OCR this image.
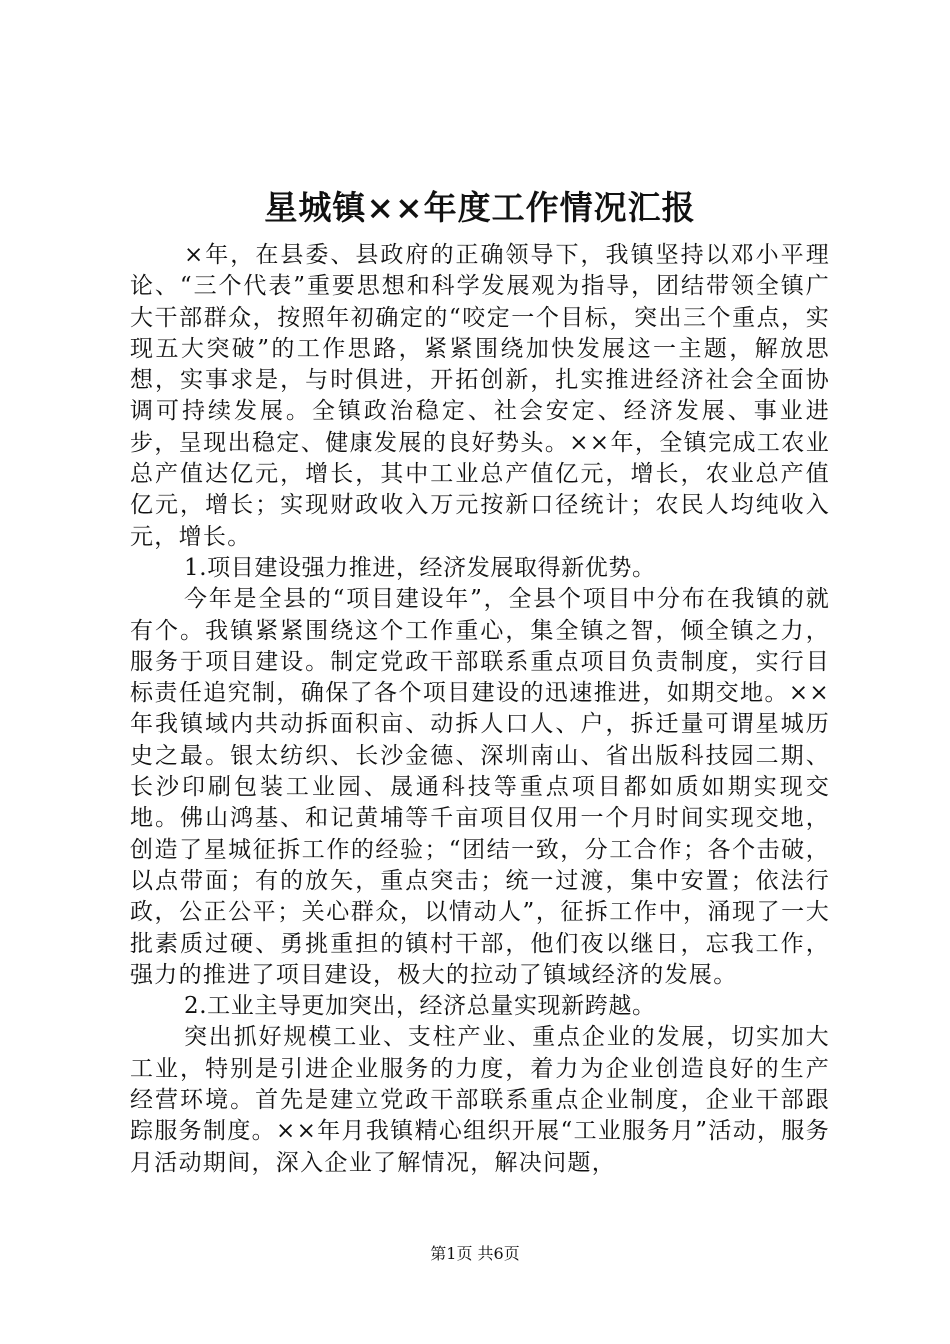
星城镇××年度工作情况汇报

×年，在县委、县政府的正确领导下，我镇坚持以邓小平理论、“三个代表”重要思想和科学发展观为指导，团结带领全镇广大干部群众，按照年初确定的“咬定一个目标，突出三个重点，实现五大突破”的工作思路，紧紧围绕加快发展这一主题，解放思想，实事求是，与时俱进，开拓创新，扎实推进经济社会全面协调可持续发展。全镇政治稳定、社会安定、经济发展、事业进步，呈现出稳定、健康发展的良好势头。××年，全镇完成工农业总产值达亿元，增长，其中工业总产值亿元，增长，农业总产值亿元，增长；实现财政收入万元按新口径统计；农民人均纯收入元，增长。

1.项目建设强力推进，经济发展取得新优势。

今年是全县的“项目建设年”，全县个项目中分布在我镇的就有个。我镇紧紧围绕这个工作重心，集全镇之智，倾全镇之力，服务于项目建设。制定党政干部联系重点项目负责制度，实行目标责任追究制，确保了各个项目建设的迅速推进，如期交地。××年我镇域内共动拆面积亩、动拆人口人、户，拆迁量可谓星城历史之最。银太纺织、长沙金德、深圳南山、省出版科技园二期、长沙印刷包装工业园、晟通科技等重点项目都如质如期实现交地。佛山鸿基、和记黄埔等千亩项目仅用一个月时间实现交地，创造了星城征拆工作的经验；“团结一致，分工合作；各个击破，以点带面；有的放矢，重点突击；统一过渡，集中安置；依法行政，公正公平；关心群众，以情动人”，征拆工作中，涌现了一大批素质过硬、勇挑重担的镇村干部，他们夜以继日，忘我工作，强力的推进了项目建设，极大的拉动了镇域经济的发展。

2.工业主导更加突出，经济总量实现新跨越。

突出抓好规模工业、支柱产业、重点企业的发展，切实加大工业，特别是引进企业服务的力度，着力为企业创造良好的生产经营环境。首先是建立党政干部联系重点企业制度，企业干部跟踪服务制度。××年月我镇精心组织开展“工业服务月”活动，服务月活动期间，深入企业了解情况，解决问题，

第1页 共6页
